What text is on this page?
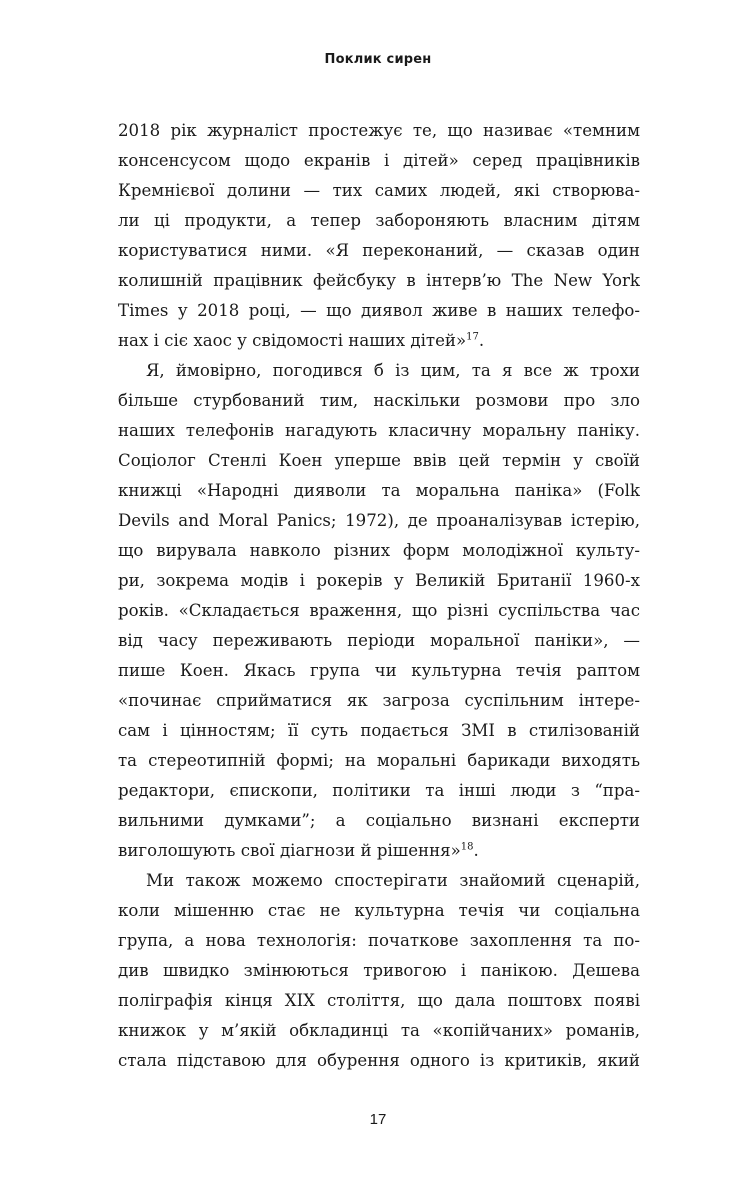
Поклик сирен
2018 рік журналіст простежує те, що називає «темним
консенсусом щодо екранів і дітей» серед працівників
Кремнієвої долини — тих самих людей, які створюва-
ли ці продукти, а тепер забороняють власним дітям
користуватися ними. «Я переконаний, — сказав один
колишній працівник фейсбуку в інтерв’ю The New York
Times у 2018 році, — що диявол живе в наших телефо-
нах і сіє хаос у свідомості наших дітей»$^{17}$.
Я, ймовірно, погодився б із цим, та я все ж трохи
більше стурбований тим, наскільки розмови про зло
наших телефонів нагадують класичну моральну паніку.
Соціолог Стенлі Коен уперше ввів цей термін у своїй
книжці «Народні дияволи та моральна паніка» (Folk
Devils and Moral Panics; 1972), де проаналізував істерію,
що вирувала навколо різних форм молодіжної культу-
ри, зокрема модів і рокерів у Великій Британії 1960-х
років. «Складається враження, що різні суспільства час
від часу переживають періоди моральної паніки», —
пише Коен. Якась група чи культурна течія раптом
«починає сприйматися як загроза суспільним інтере-
сам і цінностям; її суть подається ЗМІ в стилізованій
та стереотипній формі; на моральні барикади виходять
редактори, єпископи, політики та інші люди з “пра-
вильними думками”; а соціально визнані експерти
виголошують свої діагнози й рішення»$^{18}$.
Ми також можемо спостерігати знайомий сценарій,
коли мішенню стає не культурна течія чи соціальна
група, а нова технологія: початкове захоплення та по-
див швидко змінюються тривогою і панікою. Дешева
поліграфія кінця XIX століття, що дала поштовх появі
книжок у м’якій обкладинці та «копійчаних» романів,
стала підставою для обурення одного із критиків, який
17
